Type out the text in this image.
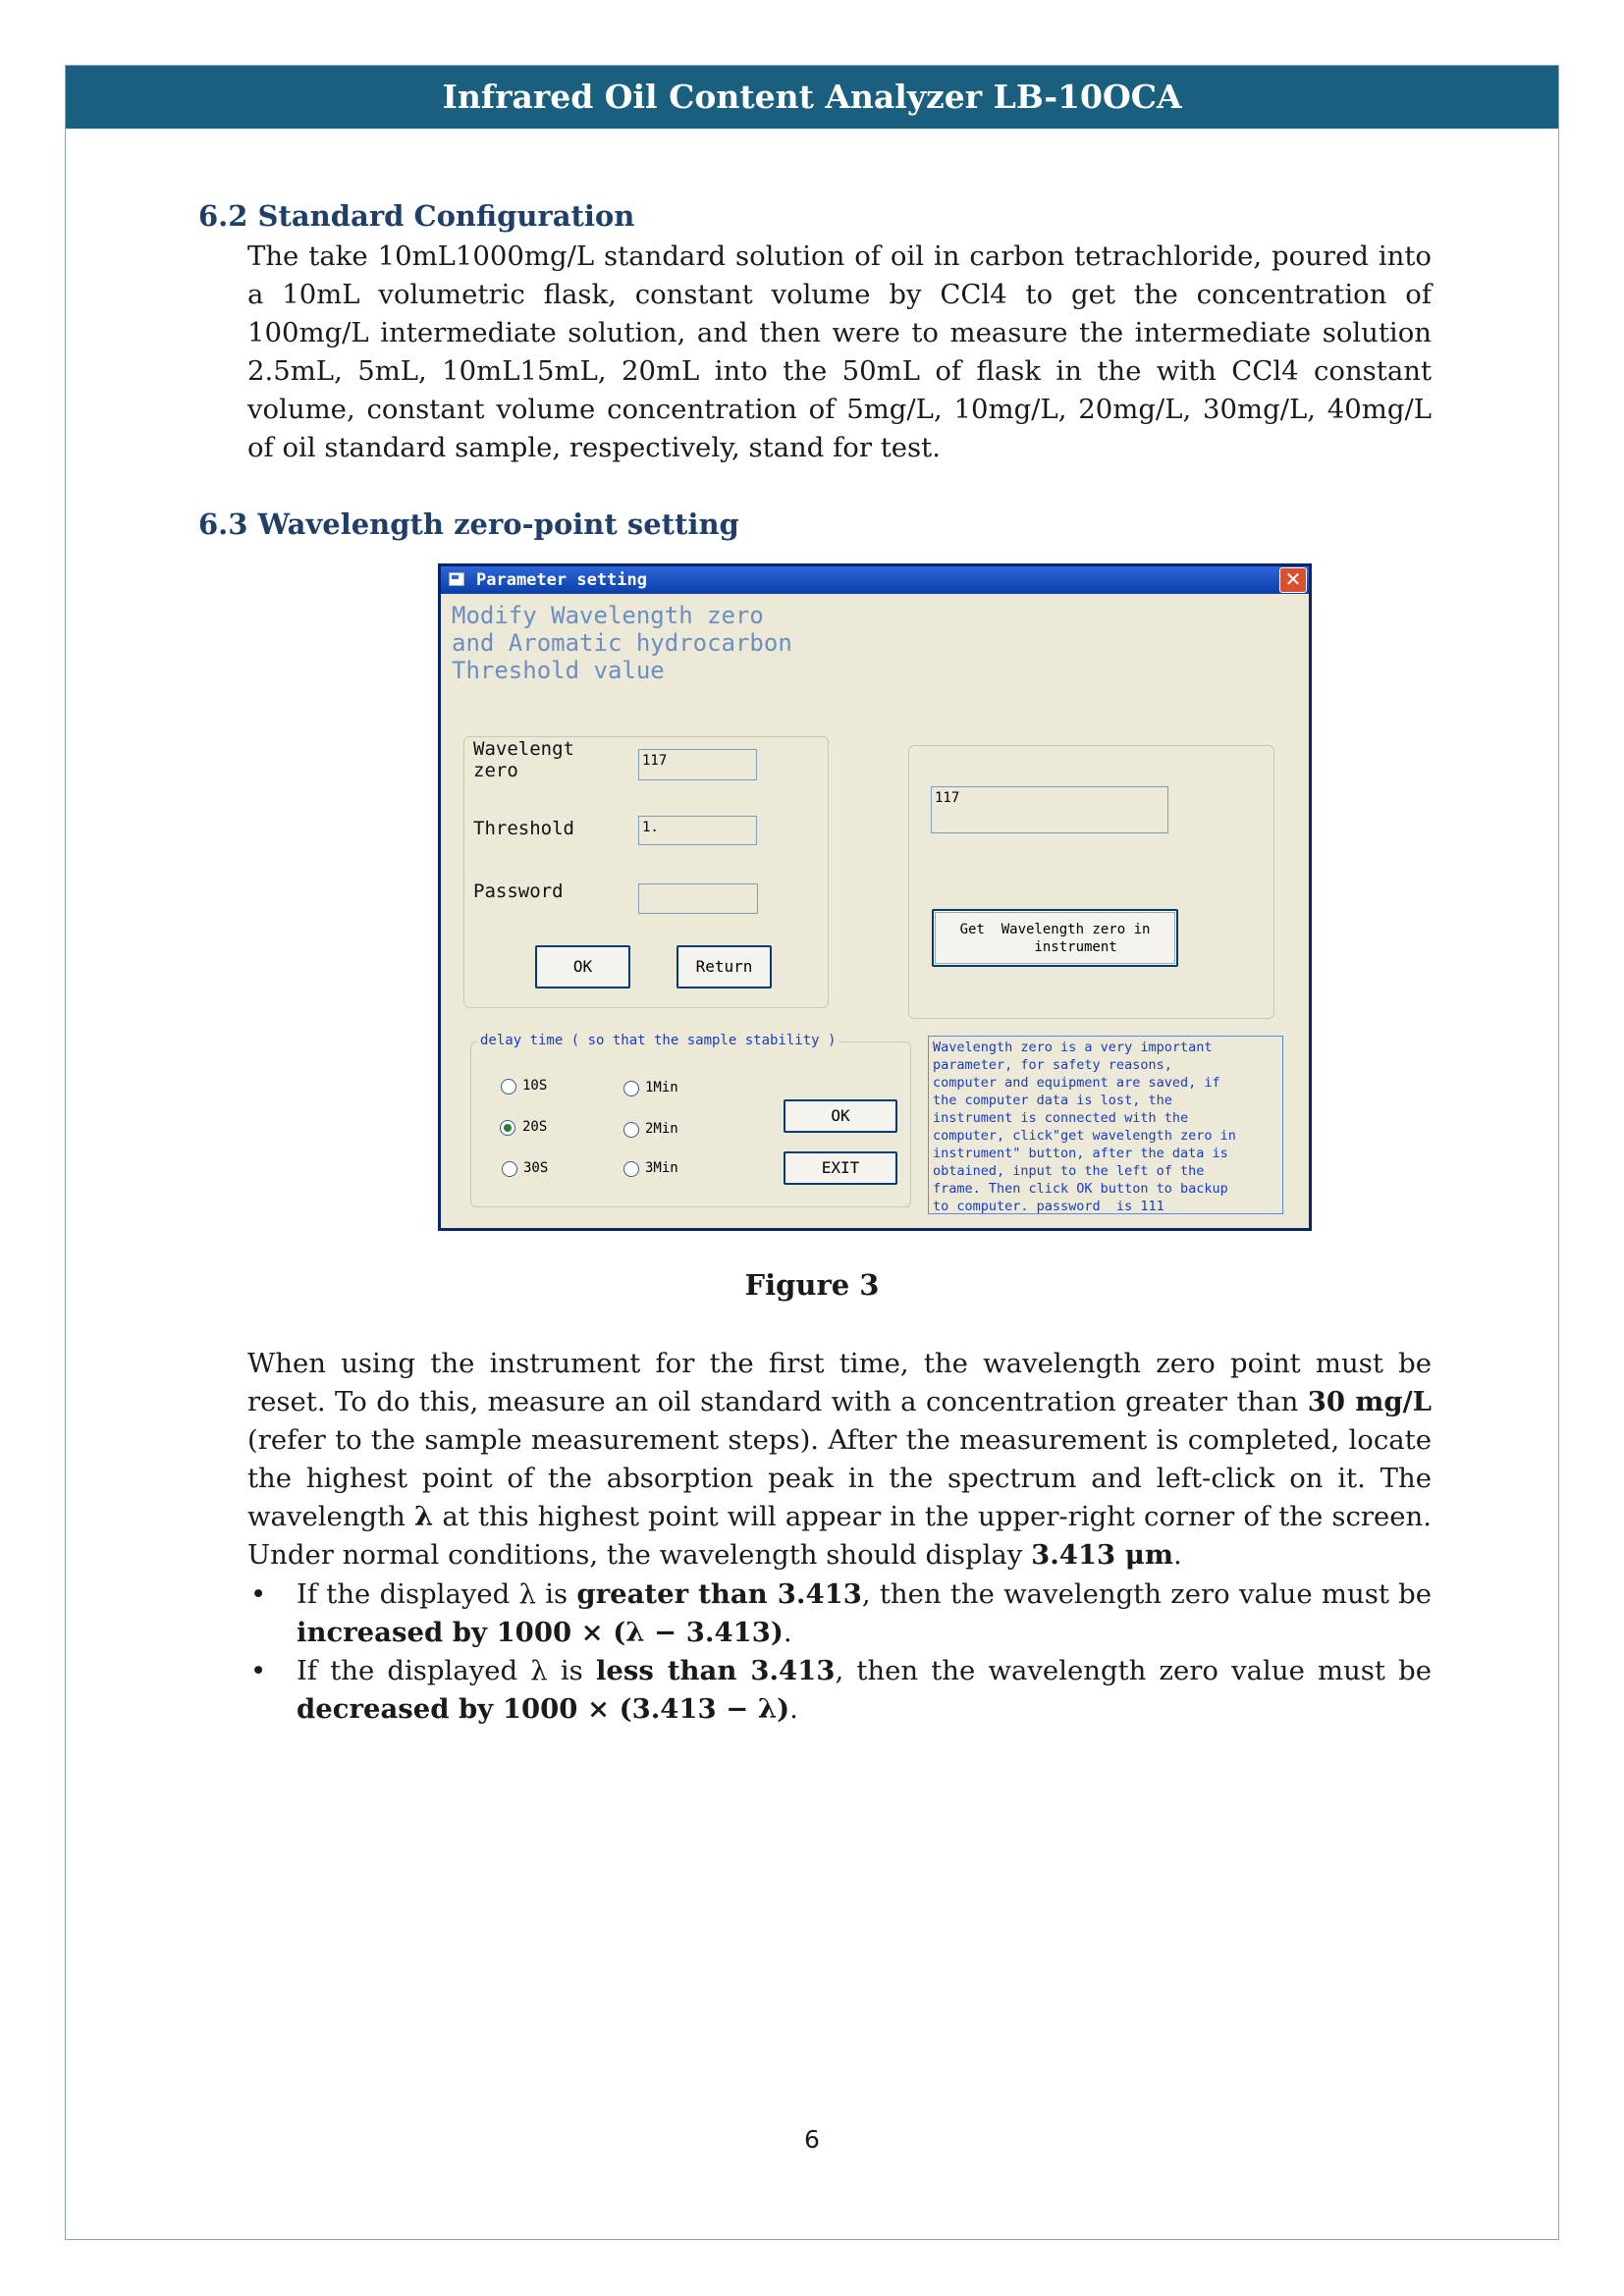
Infrared Oil Content Analyzer LB-10OCA
6.2 Standard Configuration

The take 10mL1000mg/L standard solution of oil in carbon tetrachloride, poured into a 10mL volumetric flask, constant volume by CCl4 to get the concentration of 100mg/L intermediate solution, and then were to measure the intermediate solution 2.5mL, 5mL, 10mL15mL, 20mL into the 50mL of flask in the with CCl4 constant volume, constant volume concentration of 5mg/L, 10mg/L, 20mg/L, 30mg/L, 40mg/L of oil standard sample, respectively, stand for test.

6.3 Wavelength zero-point setting
Parameter setting	✕
Modify Wavelength zero
and Aromatic hydrocarbon
Threshold value
Wavelengt
zero	117
Threshold	1.
Password
OK	Return
117
Get  Wavelength zero in
instrument
delay time ( so that the sample stability )
10S	1Min
20S	2Min
30S	3Min
OK
EXIT
Wavelength zero is a very important
parameter, for safety reasons,
computer and equipment are saved, if
the computer data is lost, the
instrument is connected with the
computer, click"get wavelength zero in
instrument" button, after the data is
obtained, input to the left of the
frame. Then click OK button to backup
to computer. password  is 111
Figure 3

When using the instrument for the first time, the wavelength zero point must be reset. To do this, measure an oil standard with a concentration greater than 30 mg/L (refer to the sample measurement steps). After the measurement is completed, locate the highest point of the absorption peak in the spectrum and left-click on it. The wavelength λ at this highest point will appear in the upper-right corner of the screen. Under normal conditions, the wavelength should display 3.413 μm.

• If the displayed λ is greater than 3.413, then the wavelength zero value must be increased by 1000 × (λ − 3.413).
• If the displayed λ is less than 3.413, then the wavelength zero value must be decreased by 1000 × (3.413 − λ).
6
